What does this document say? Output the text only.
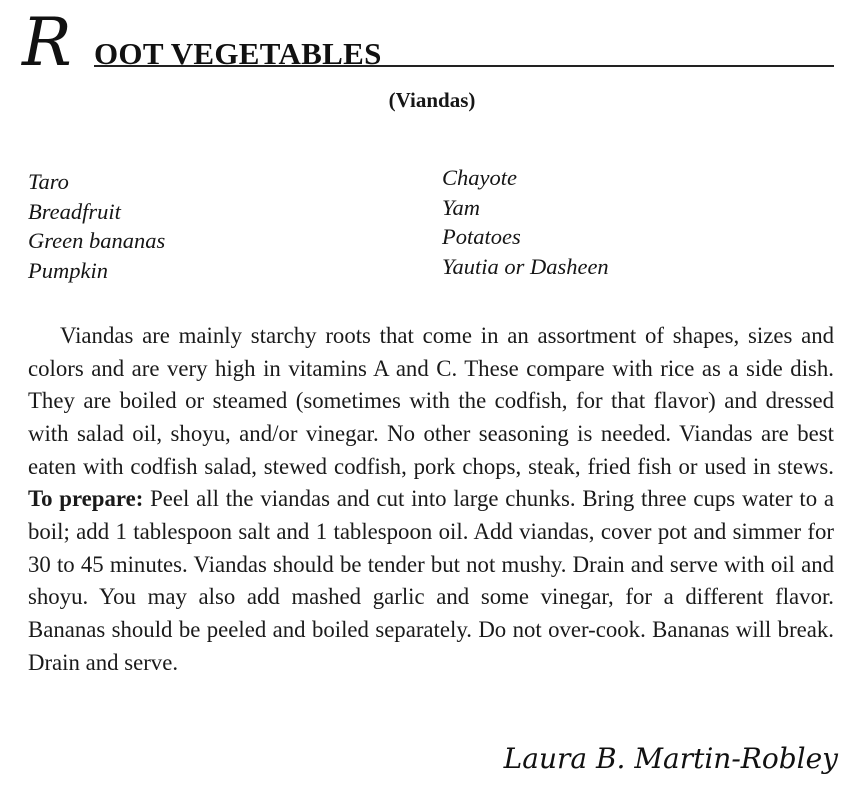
R OOT VEGETABLES
(Viandas)
Taro
Breadfruit
Green bananas
Pumpkin
Chayote
Yam
Potatoes
Yautia or Dasheen

Viandas are mainly starchy roots that come in an assortment of shapes, sizes and colors and are very high in vitamins A and C. These compare with rice as a side dish. They are boiled or steamed (sometimes with the codfish, for that flavor) and dressed with salad oil, shoyu, and/or vinegar. No other seasoning is needed. Viandas are best eaten with codfish salad, stewed codfish, pork chops, steak, fried fish or used in stews. To prepare: Peel all the viandas and cut into large chunks. Bring three cups water to a boil; add 1 tablespoon salt and 1 tablespoon oil. Add viandas, cover pot and simmer for 30 to 45 minutes. Viandas should be tender but not mushy. Drain and serve with oil and shoyu. You may also add mashed garlic and some vinegar, for a different flavor. Bananas should be peeled and boiled separately. Do not over-cook. Bananas will break. Drain and serve.

Laura B. Martin-Robley
